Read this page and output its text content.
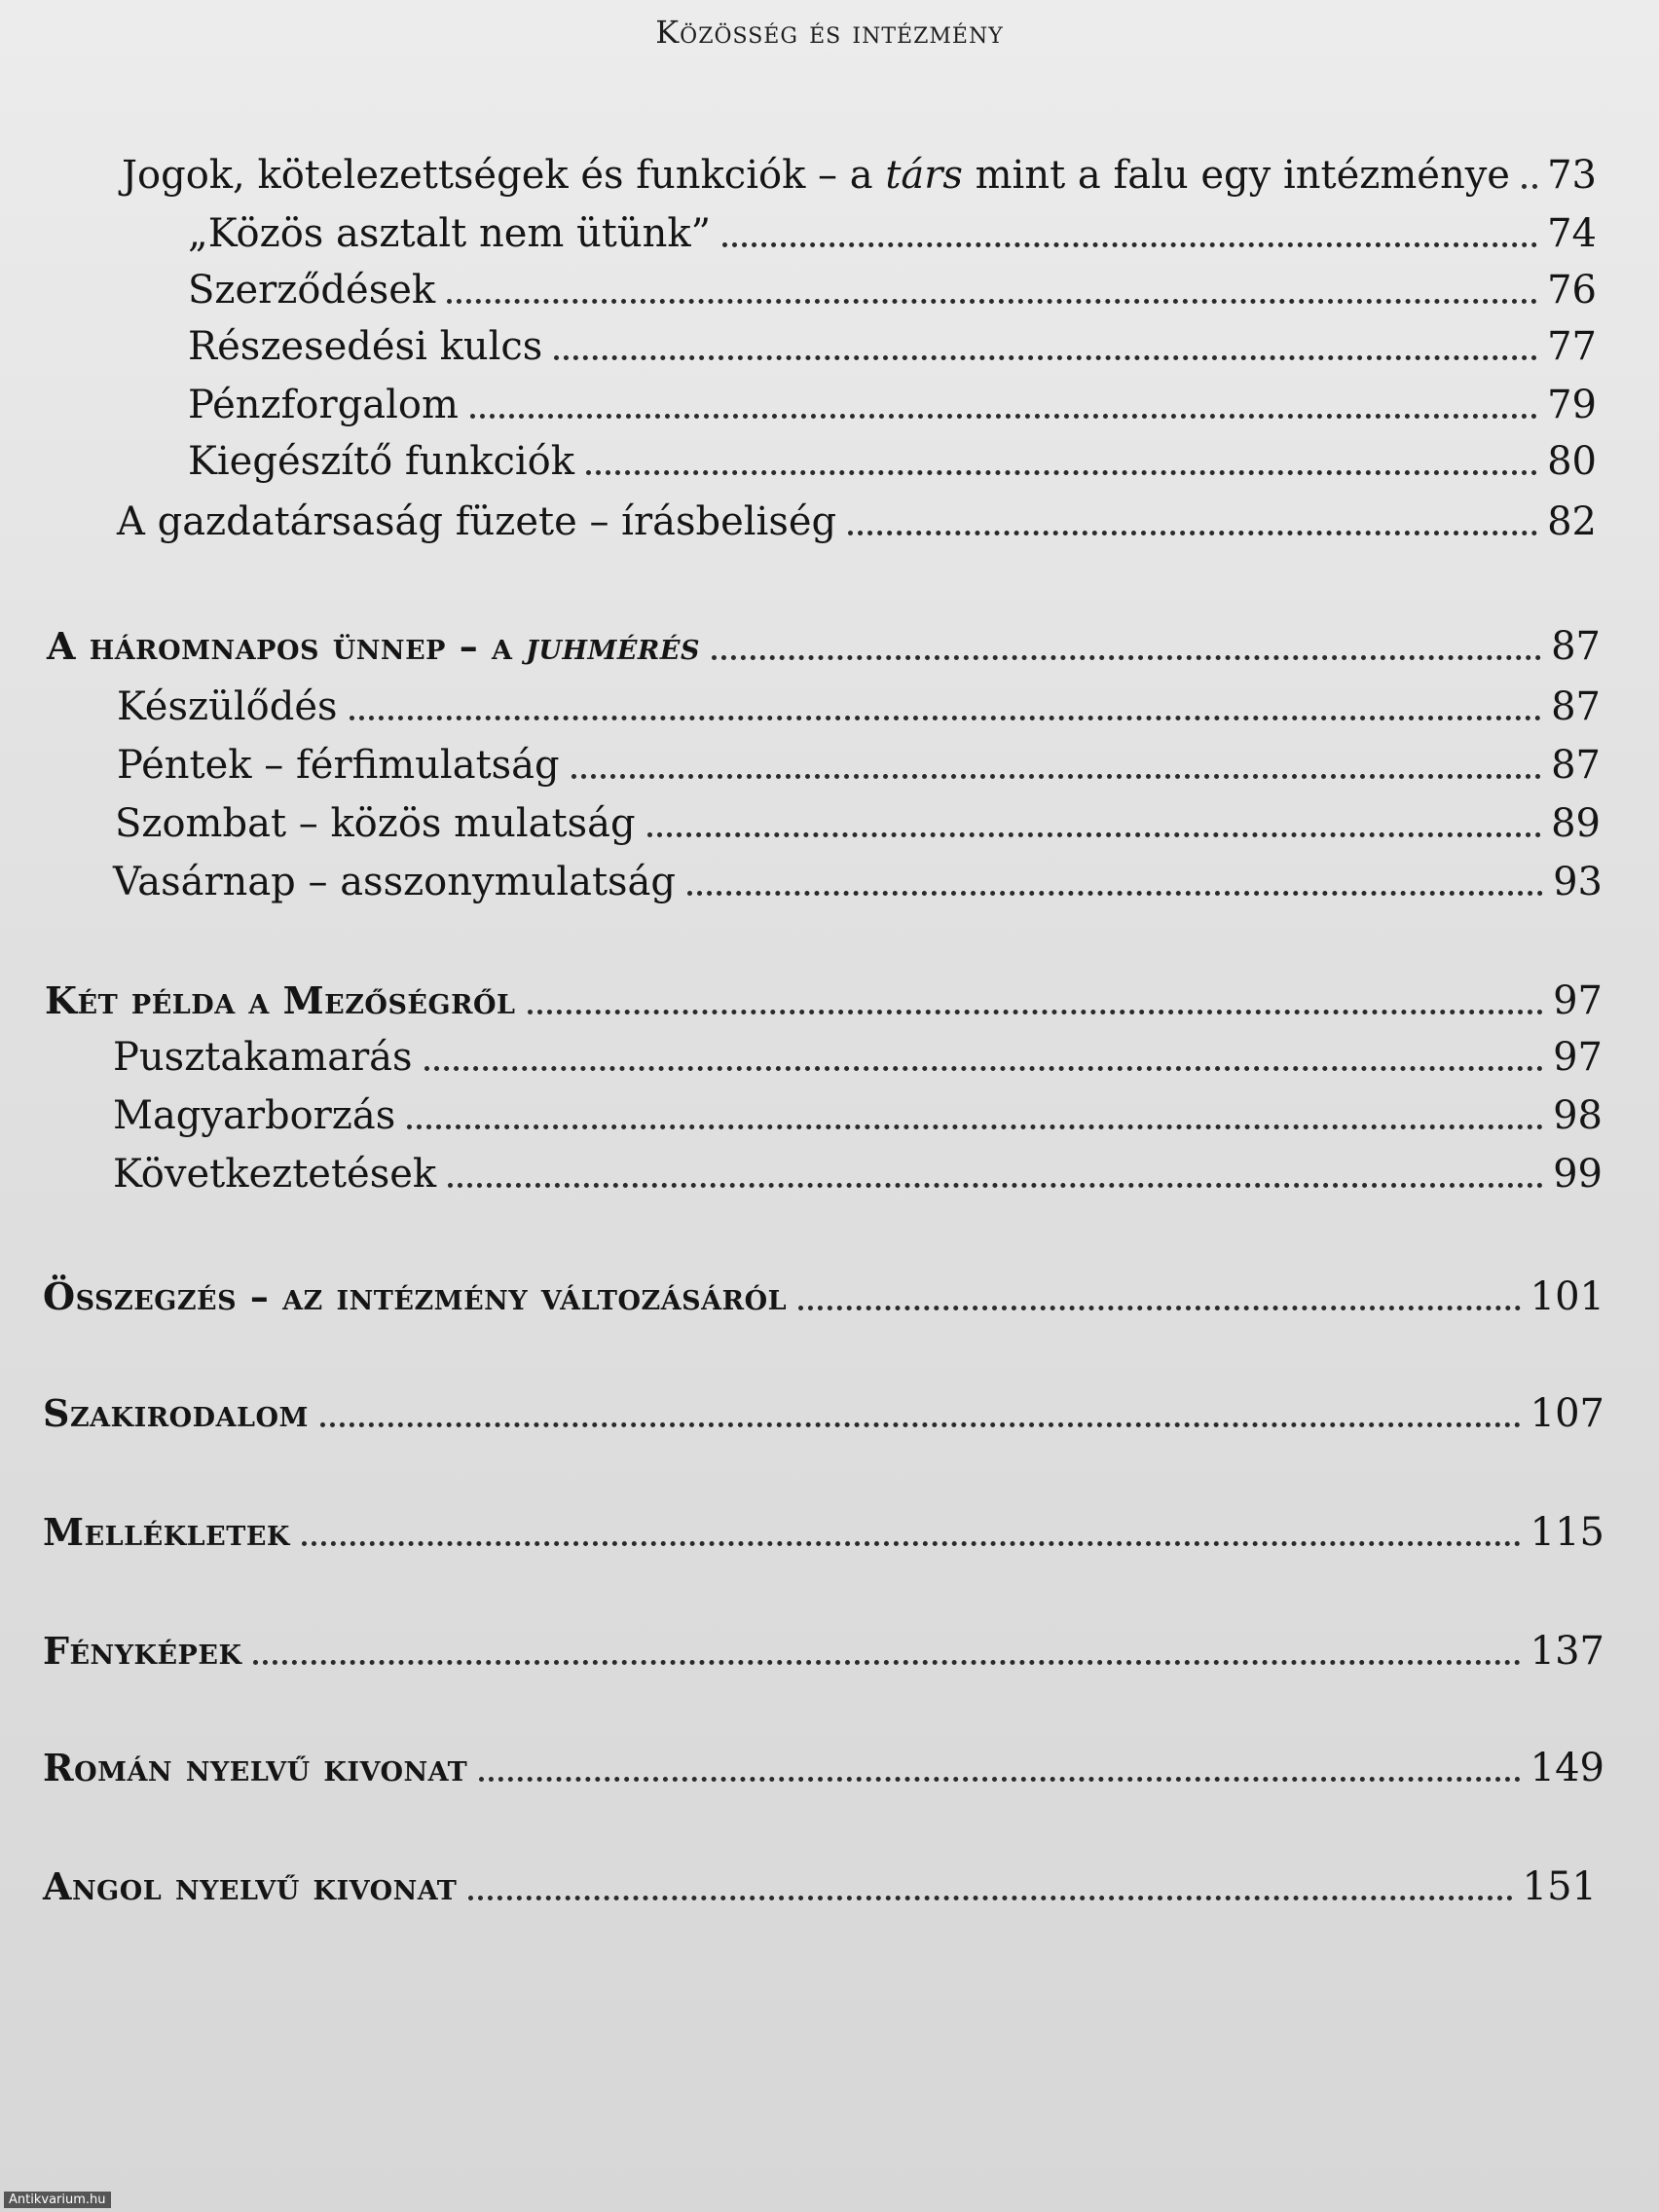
Közösség és intézmény
Jogok, kötelezettségek és funkciók – a társ mint a falu egy intézménye 73
„Közös asztalt nem ütünk”	74
Szerződések	76
Részesedési kulcs	77
Pénzforgalom	79
Kiegészítő funkciók	80
A gazdatársaság füzete – írásbeliség	82
A háromnapos ünnep – a juhmérés	87
Készülődés	87
Péntek – férfimulatság	87
Szombat – közös mulatság	89
Vasárnap – asszonymulatság	93
Két példa a Mezőségről	97
Pusztakamarás	97
Magyarborzás	98
Következtetések	99
Összegzés – az intézmény változásáról	101
Szakirodalom	107
Mellékletek	115
Fényképek	137
Román nyelvű kivonat	149
Angol nyelvű kivonat	151
Antikvarium.hu
